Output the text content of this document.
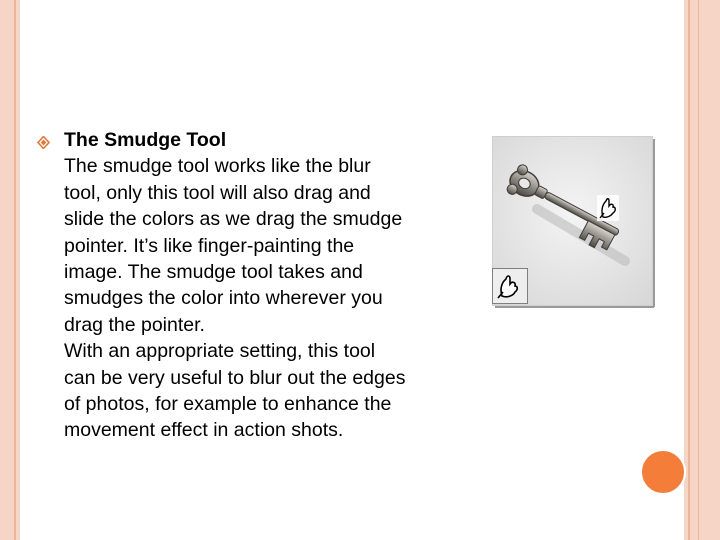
The Smudge Tool
The smudge tool works like the blur
tool, only this tool will also drag and
slide the colors as we drag the smudge
pointer. It’s like finger-painting the
image. The smudge tool takes and
smudges the color into wherever you
drag the pointer.
With an appropriate setting, this tool
can be very useful to blur out the edges
of photos, for example to enhance the
movement effect in action shots.
